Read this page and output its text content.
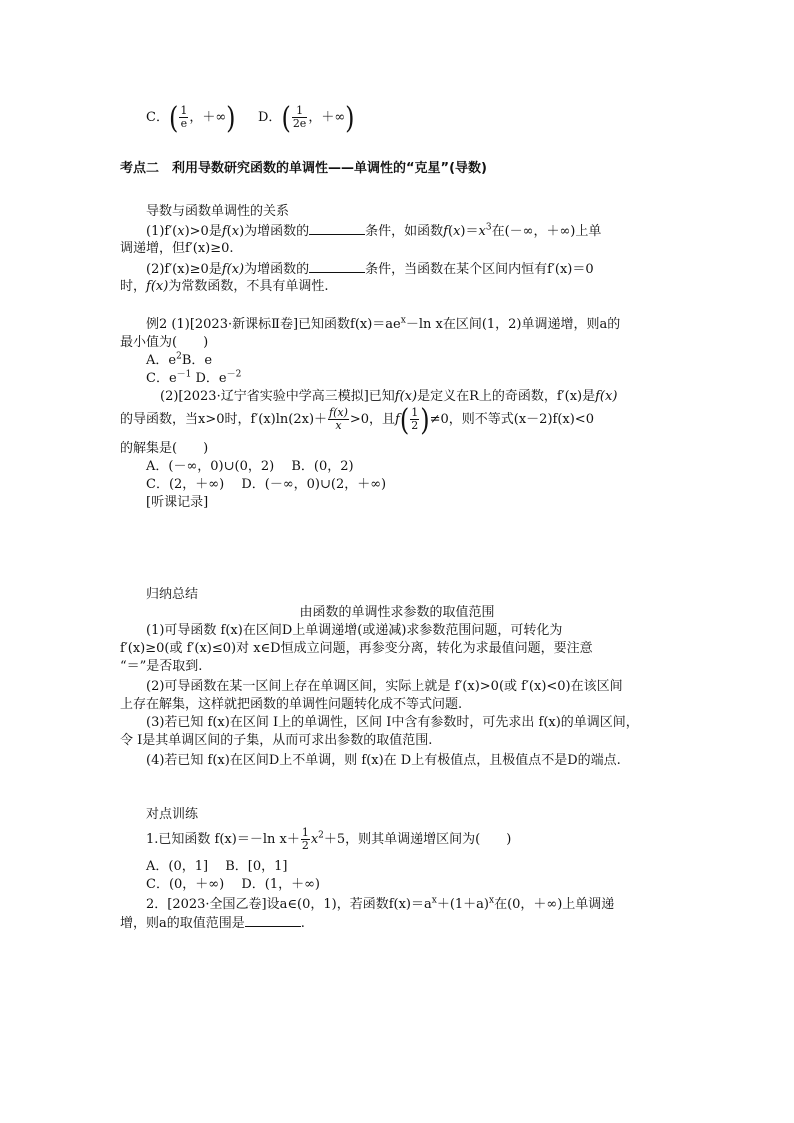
C．( $\frac{1}{e}$ ，＋∞) D．( $\frac{1}{2e}$ ，＋∞)
考点二　利用导数研究函数的单调性——单调性的“克星”(导数)
导数与函数单调性的关系
(1)f′(x)>0是f(x)为增函数的	条件，如函数$f(x)=x^3$在(－∞，＋∞)上单
调递增，但f′(x)≥0.
(2)f′(x)≥0是f(x)为增函数的	条件，当函数在某个区间内恒有f′(x)＝0
时，f(x)为常数函数，不具有单调性.
例2 (1)[2023·新课标Ⅱ卷]已知函数$f(x)=ae^x-\ln$ x在区间(1，2)单调递增，则a的
最小值为(　　)
A．$e^2B$．e
C．$e^{-1}$ D．$e^{-2}$
(2)[2023·辽宁省实验中学高三模拟]已知f(x)是定义在R上的奇函数，f′(x)是f(x)
的导函数，当x>0时，$f'(x)\ln(2x)+ \frac{f(x)}{x} >0$，且$f( \frac{1}{2} )\ne 0$，则不等式(x－2)f(x)<0
的解集是(　　)
A．(－∞，0)∪(0，2)　 B．(0，2)
C．(2，＋∞)　 D．(－∞，0)∪(2，＋∞)
[听课记录]
归纳总结
由函数的单调性求参数的取值范围
(1)可导函数 f(x)在区间D上单调递增(或递减)求参数范围问题，可转化为
f′(x)≥0(或 f′(x)≤0)对 x∈D恒成立问题，再参变分离，转化为求最值问题，要注意
“＝”是否取到.
(2)可导函数在某一区间上存在单调区间，实际上就是 f′(x)>0(或 f′(x)<0)在该区间
上存在解集，这样就把函数的单调性问题转化成不等式问题.
(3)若已知 f(x)在区间 I上的单调性，区间 I中含有参数时，可先求出 f(x)的单调区间，
令 I是其单调区间的子集，从而可求出参数的取值范围.
(4)若已知 f(x)在区间D上不单调，则 f(x)在 D上有极值点，且极值点不是D的端点.
对点训练
1.已知函数 f(x)＝－ln $x+ \frac{1}{2} x^2+5$，则其单调递增区间为(　　)
A．(0，1]　 B．[0，1]
C．(0，＋∞)　 D．(1，＋∞)
2．[2023·全国乙卷]设a∈(0，1)，若函数$f(x)=a^x+(1+a)^x$在(0，＋∞)上单调递
增，则a的取值范围是	.
